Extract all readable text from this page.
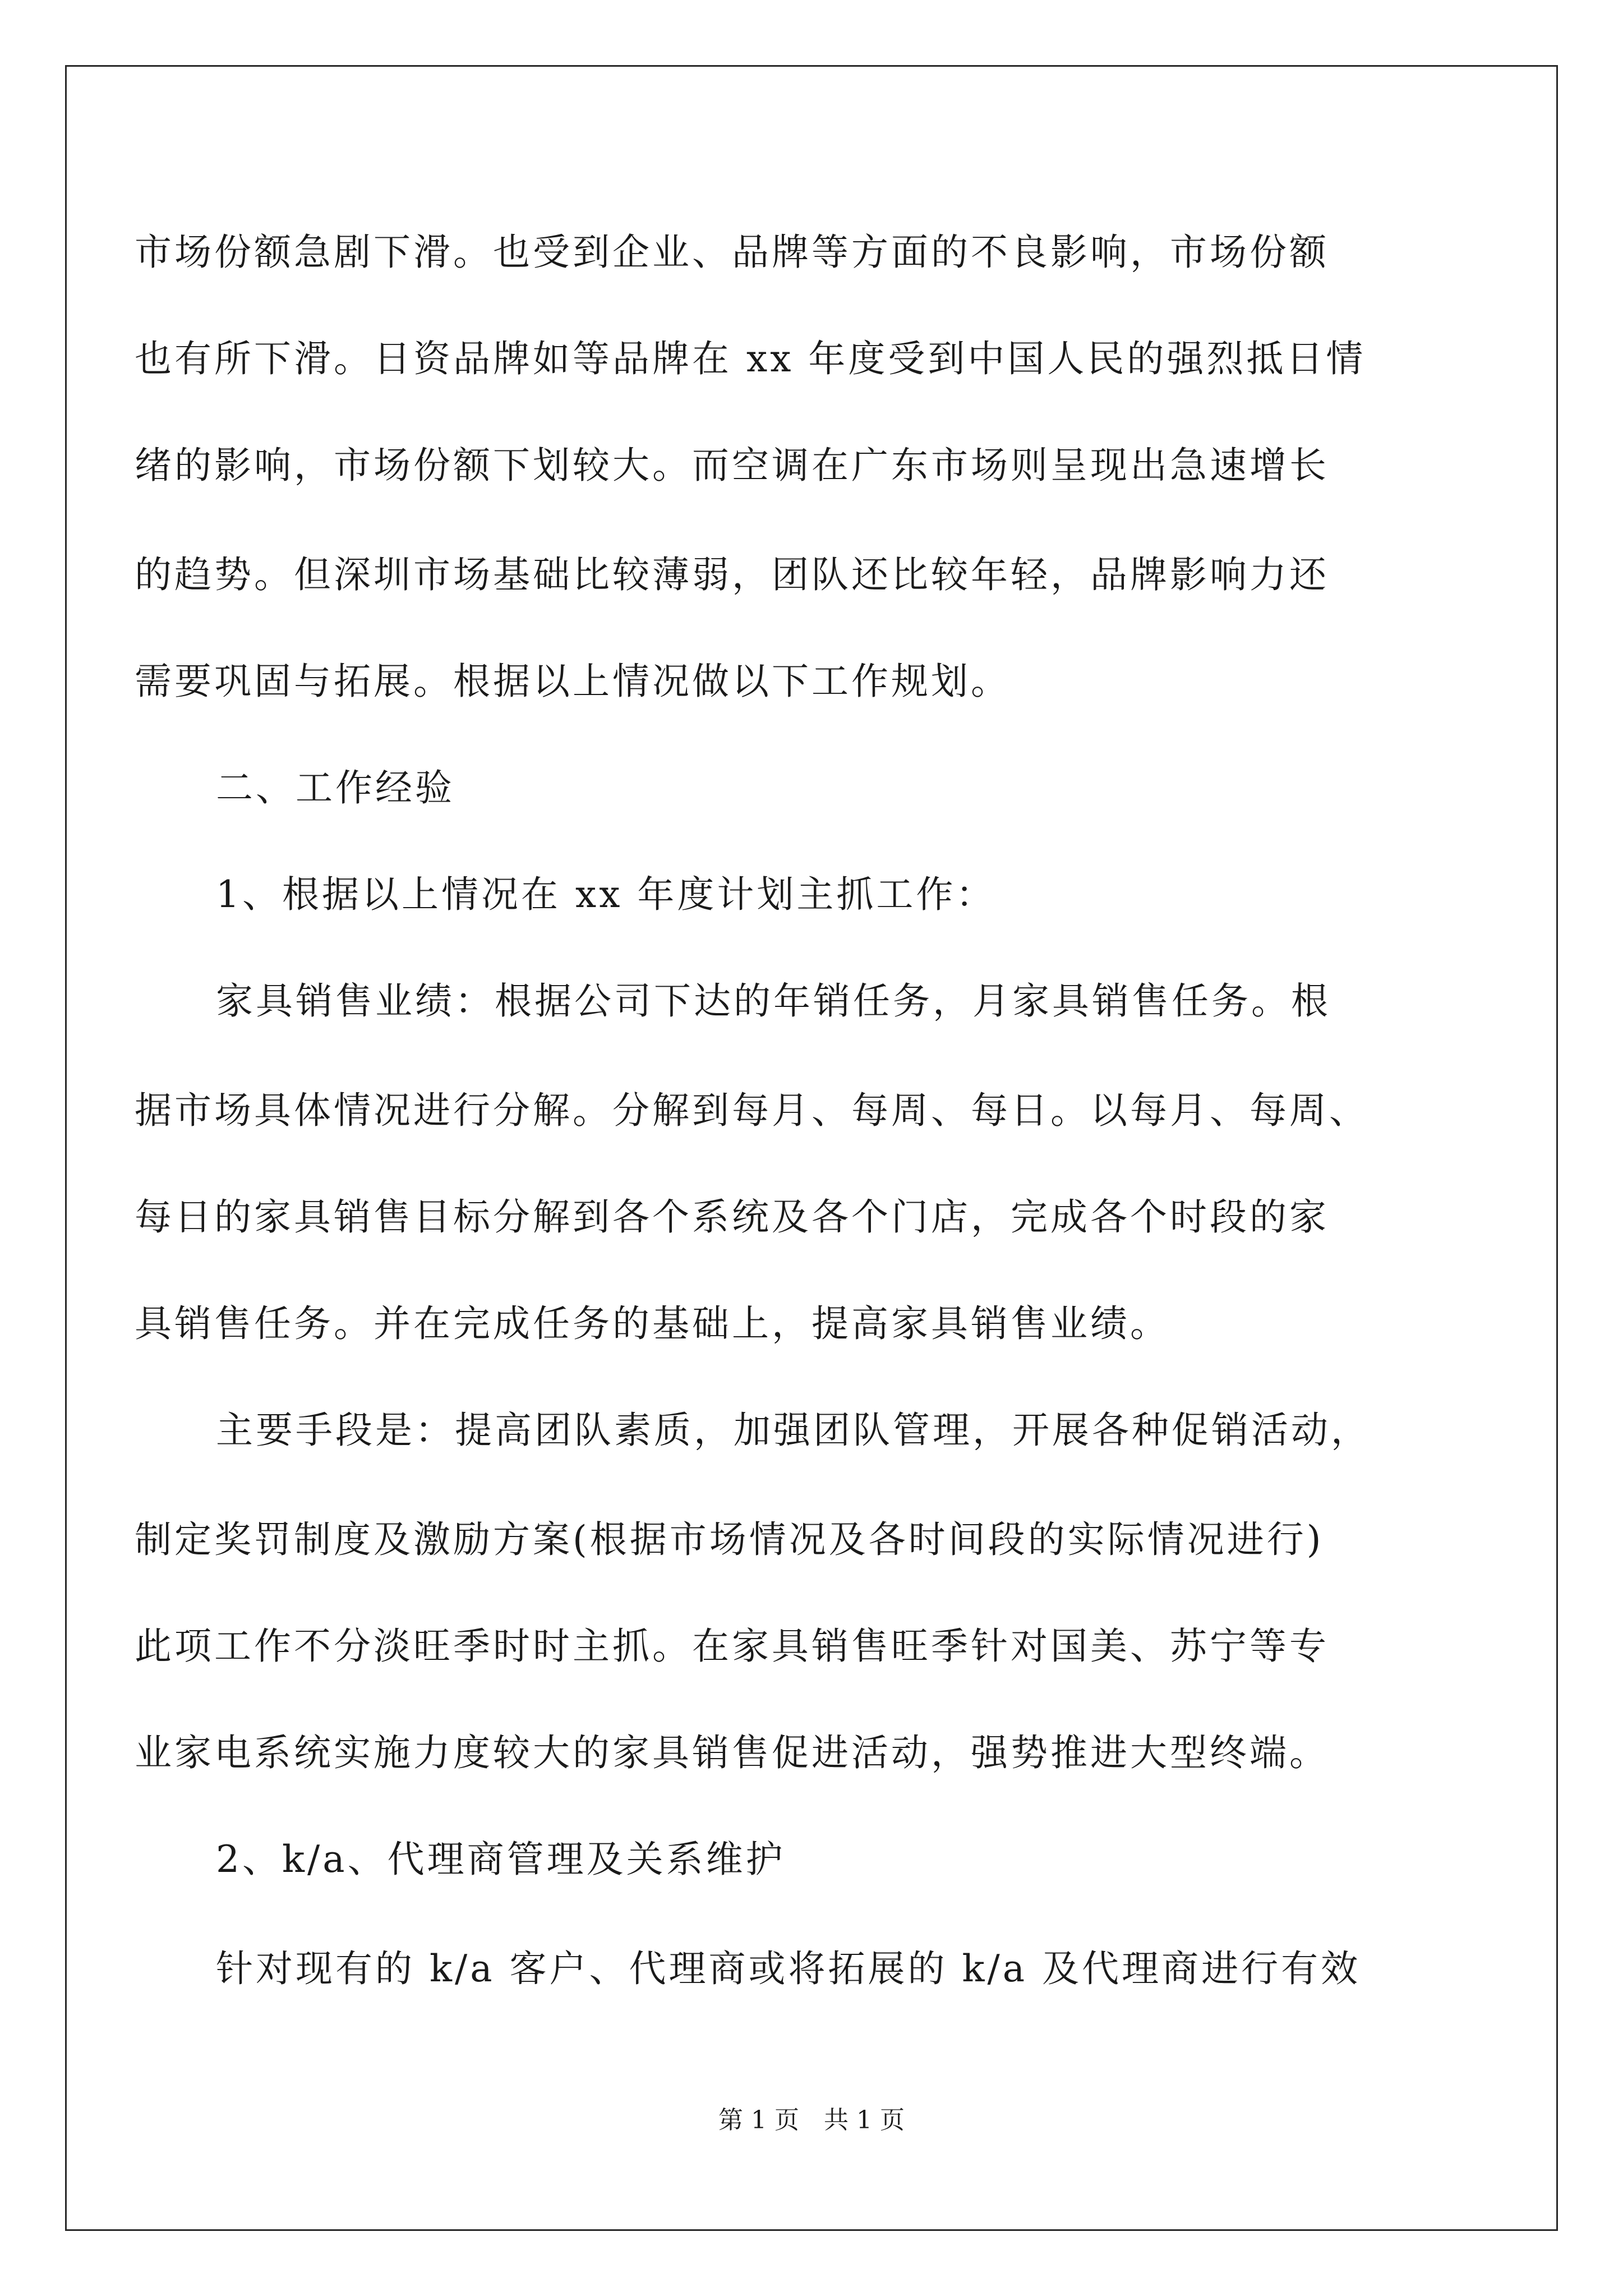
市场份额急剧下滑。也受到企业、品牌等方面的不良影响，市场份额
也有所下滑。日资品牌如等品牌在 xx 年度受到中国人民的强烈抵日情
绪的影响，市场份额下划较大。而空调在广东市场则呈现出急速增长
的趋势。但深圳市场基础比较薄弱，团队还比较年轻，品牌影响力还
需要巩固与拓展。根据以上情况做以下工作规划。
二、工作经验
1、根据以上情况在 xx 年度计划主抓工作：
家具销售业绩：根据公司下达的年销任务，月家具销售任务。根
据市场具体情况进行分解。分解到每月、每周、每日。以每月、每周、
每日的家具销售目标分解到各个系统及各个门店，完成各个时段的家
具销售任务。并在完成任务的基础上，提高家具销售业绩。
主要手段是：提高团队素质，加强团队管理，开展各种促销活动，
制定奖罚制度及激励方案(根据市场情况及各时间段的实际情况进行)
此项工作不分淡旺季时时主抓。在家具销售旺季针对国美、苏宁等专
业家电系统实施力度较大的家具销售促进活动，强势推进大型终端。
2、k/a、代理商管理及关系维护
针对现有的 k/a 客户、代理商或将拓展的 k/a 及代理商进行有效
第 1 页　共 1 页
